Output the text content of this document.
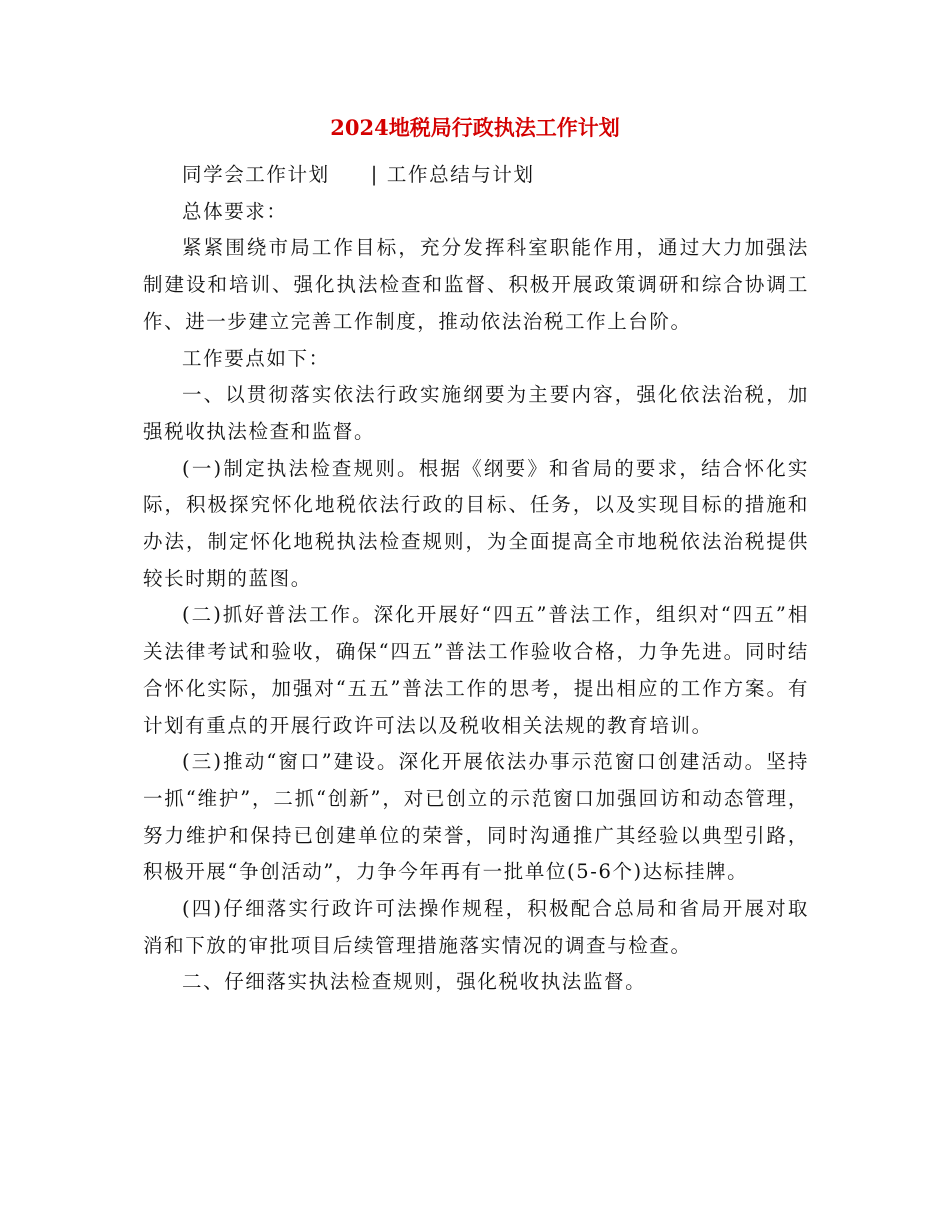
2024地税局行政执法工作计划

同学会工作计划 | 工作总结与计划

总体要求：

紧紧围绕市局工作目标，充分发挥科室职能作用，通过大力加强法制建设和培训、强化执法检查和监督、积极开展政策调研和综合协调工作、进一步建立完善工作制度，推动依法治税工作上台阶。

工作要点如下：

一、以贯彻落实依法行政实施纲要为主要内容，强化依法治税，加强税收执法检查和监督。

(一)制定执法检查规则。根据《纲要》和省局的要求，结合怀化实际，积极探究怀化地税依法行政的目标、任务，以及实现目标的措施和办法，制定怀化地税执法检查规则，为全面提高全市地税依法治税提供较长时期的蓝图。

(二)抓好普法工作。深化开展好“四五”普法工作，组织对“四五”相关法律考试和验收，确保“四五”普法工作验收合格，力争先进。同时结合怀化实际，加强对“五五”普法工作的思考，提出相应的工作方案。有计划有重点的开展行政许可法以及税收相关法规的教育培训。

(三)推动“窗口”建设。深化开展依法办事示范窗口创建活动。坚持一抓“维护”，二抓“创新”，对已创立的示范窗口加强回访和动态管理，努力维护和保持已创建单位的荣誉，同时沟通推广其经验以典型引路，积极开展“争创活动”，力争今年再有一批单位(5-6个)达标挂牌。

(四)仔细落实行政许可法操作规程，积极配合总局和省局开展对取消和下放的审批项目后续管理措施落实情况的调查与检查。

二、仔细落实执法检查规则，强化税收执法监督。
